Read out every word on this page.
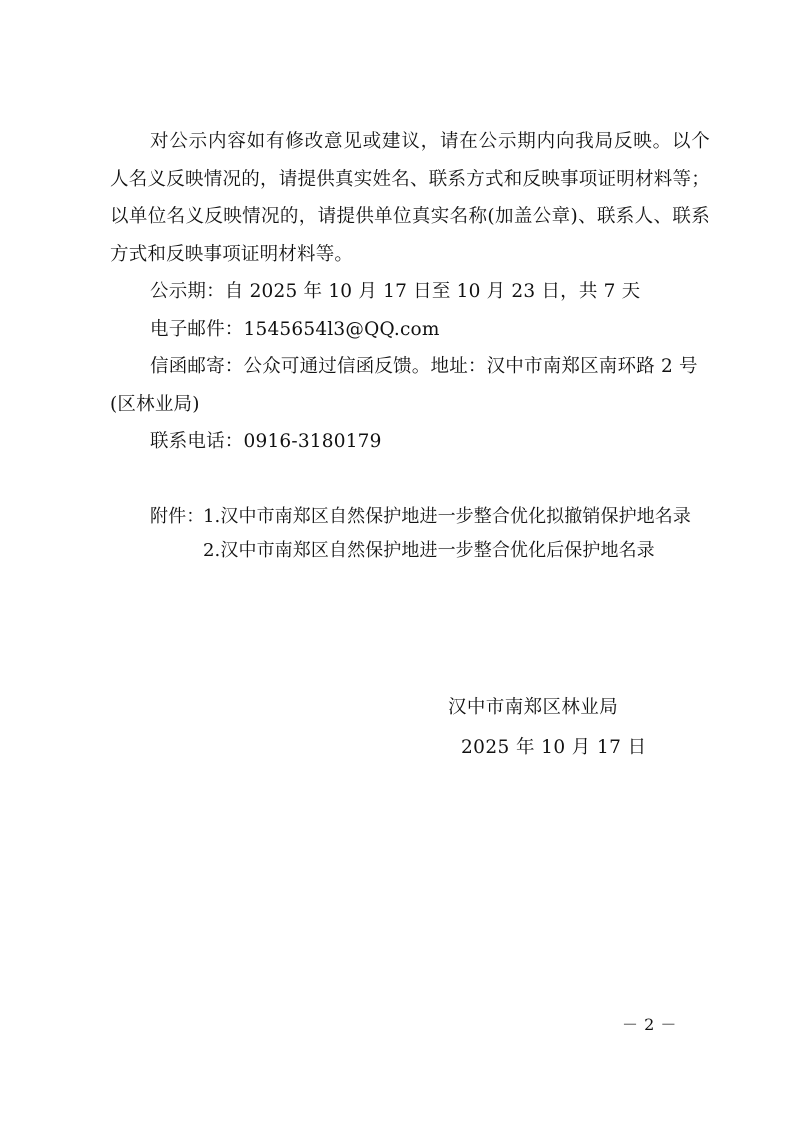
对公示内容如有修改意见或建议，请在公示期内向我局反映。以个人名义反映情况的，请提供真实姓名、联系方式和反映事项证明材料等；以单位名义反映情况的，请提供单位真实名称(加盖公章)、联系人、联系方式和反映事项证明材料等。
公示期：自 2025 年 10 月 17 日至 10 月 23 日，共 7 天
电子邮件：1545654l3@QQ.com
信函邮寄：公众可通过信函反馈。地址：汉中市南郑区南环路 2 号(区林业局)
联系电话：0916-3180179
附件：
1.汉中市南郑区自然保护地进一步整合优化拟撤销保护地名录
2.汉中市南郑区自然保护地进一步整合优化后保护地名录
汉中市南郑区林业局
2025 年 10 月 17 日
－ 2 －
